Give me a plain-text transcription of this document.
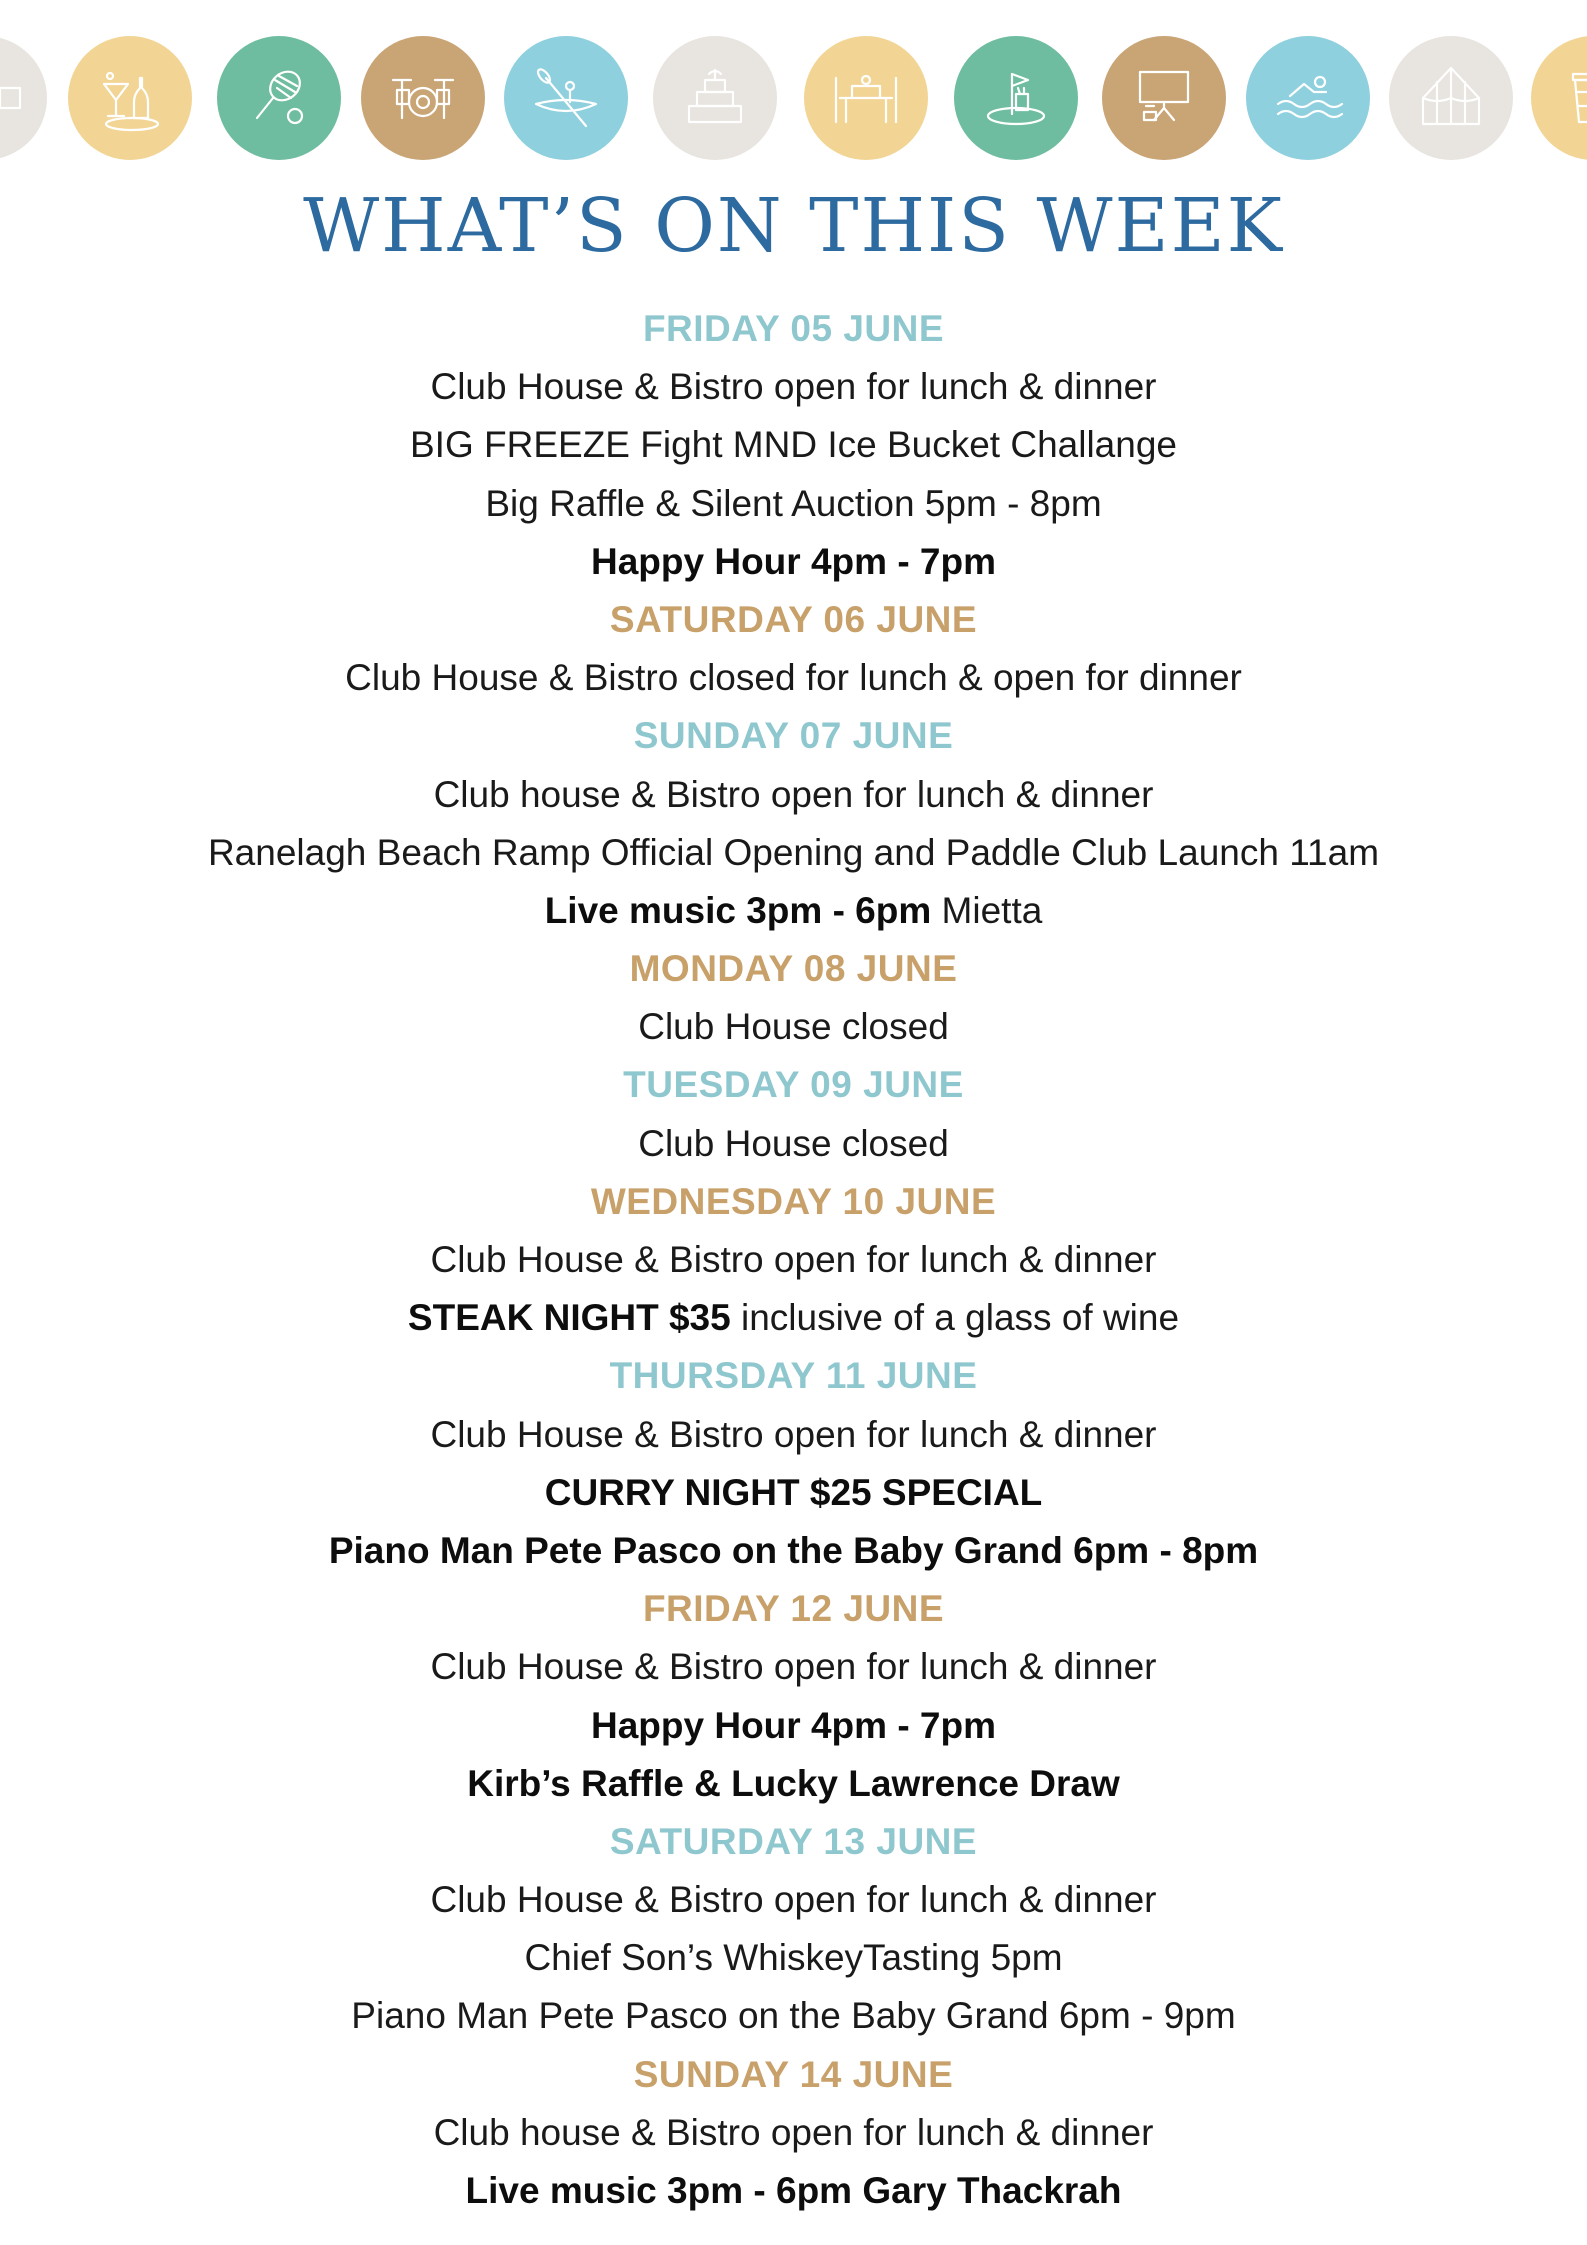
WHAT’S ON THIS WEEK
FRIDAY 05 JUNE
Club House & Bistro open for lunch & dinner
BIG FREEZE Fight MND Ice Bucket Challange
Big Raffle & Silent Auction 5pm - 8pm
Happy Hour 4pm - 7pm
SATURDAY 06 JUNE
Club House & Bistro closed for lunch & open for dinner
SUNDAY 07 JUNE
Club house & Bistro open for lunch & dinner
Ranelagh Beach Ramp Official Opening and Paddle Club Launch 11am
Live music 3pm - 6pm Mietta
MONDAY 08 JUNE
Club House closed
TUESDAY 09 JUNE
Club House closed
WEDNESDAY 10 JUNE
Club House & Bistro open for lunch & dinner
STEAK NIGHT $35 inclusive of a glass of wine
THURSDAY 11 JUNE
Club House & Bistro open for lunch & dinner
CURRY NIGHT $25 SPECIAL
Piano Man Pete Pasco on the Baby Grand 6pm - 8pm
FRIDAY 12 JUNE
Club House & Bistro open for lunch & dinner
Happy Hour 4pm - 7pm
Kirb’s Raffle & Lucky Lawrence Draw
SATURDAY 13 JUNE
Club House & Bistro open for lunch & dinner
Chief Son’s WhiskeyTasting 5pm
Piano Man Pete Pasco on the Baby Grand 6pm - 9pm
SUNDAY 14 JUNE
Club house & Bistro open for lunch & dinner
Live music 3pm - 6pm Gary Thackrah
